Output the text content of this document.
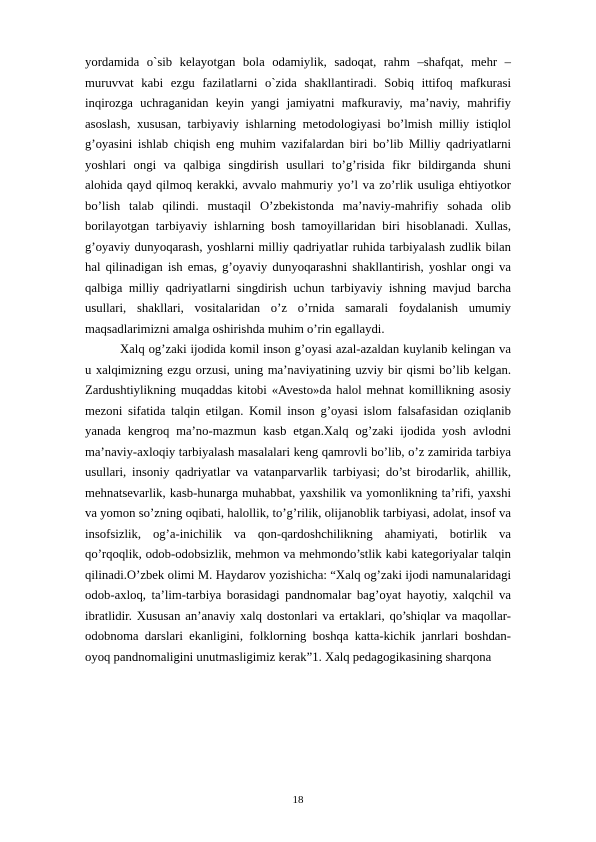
yordamida o`sib kelayotgan bola odamiylik, sadoqat, rahm –shafqat, mehr –muruvvat kabi ezgu fazilatlarni o`zida shakllantiradi. Sobiq ittifoq mafkurasi inqirozga uchraganidan keyin yangi jamiyatni mafkuraviy, ma’naviy, mahrifiy asoslash, xususan, tarbiyaviy ishlarning metodologiyasi bo’lmish milliy istiqlol g’oyasini ishlab chiqish eng muhim vazifalardan biri bo’lib Milliy qadriyatlarni yoshlari ongi va qalbiga singdirish usullari to’g’risida fikr bildirganda shuni alohida qayd qilmoq kerakki, avvalo mahmuriy yo’l va zo’rlik usuliga ehtiyotkor bo’lish talab qilindi. mustaqil O’zbekistonda ma’naviy-mahrifiy sohada olib borilayotgan tarbiyaviy ishlarning bosh tamoyillaridan biri hisoblanadi. Xullas, g’oyaviy dunyoqarash, yoshlarni milliy qadriyatlar ruhida tarbiyalash zudlik bilan hal qilinadigan ish emas, g’oyaviy dunyoqarashni shakllantirish, yoshlar ongi va qalbiga milliy qadriyatlarni singdirish uchun tarbiyaviy ishning mavjud barcha usullari, shakllari, vositalaridan o’z o’rnida samarali foydalanish umumiy maqsadlarimizni amalga oshirishda muhim o’rin egallaydi.

Xalq og’zaki ijodida komil inson g’oyasi azal-azaldan kuylanib kelingan va u xalqimizning ezgu orzusi, uning ma’naviyatining uzviy bir qismi bo’lib kelgan. Zardushtiylikning muqaddas kitobi «Avesto»da halol mehnat komillikning asosiy mezoni sifatida talqin etilgan. Komil inson g’oyasi islom falsafasidan oziqlanib yanada kengroq ma’no-mazmun kasb etgan.Xalq og’zaki ijodida yosh avlodni ma’naviy-axloqiy tarbiyalash masalalari keng qamrovli bo’lib, o’z zamirida tarbiya usullari, insoniy qadriyatlar va vatanparvarlik tarbiyasi; do’st birodarlik, ahillik, mehnatsevarlik, kasb-hunarga muhabbat, yaxshilik va yomonlikning ta’rifi, yaxshi va yomon so’zning oqibati, halollik, to’g’rilik, olijanoblik tarbiyasi, adolat, insof va insofsizlik, og’a-inichilik va qon-qardoshchilikning ahamiyati, botirlik va qo’rqoqlik, odob-odobsizlik, mehmon va mehmondo’stlik kabi kategoriyalar talqin qilinadi.O’zbek olimi M. Haydarov yozishicha: “Xalq og’zaki ijodi namunalaridagi odob-axloq, ta’lim-tarbiya borasidagi pandnomalar bag’oyat hayotiy, xalqchil va ibratlidir. Xususan an’anaviy xalq dostonlari va ertaklari, qo’shiqlar va maqollar-odobnoma darslari ekanligini, folklorning boshqa katta-kichik janrlari boshdan-oyoq pandnomaligini unutmasligimiz kerak”1. Xalq pedagogikasining sharqona

18
